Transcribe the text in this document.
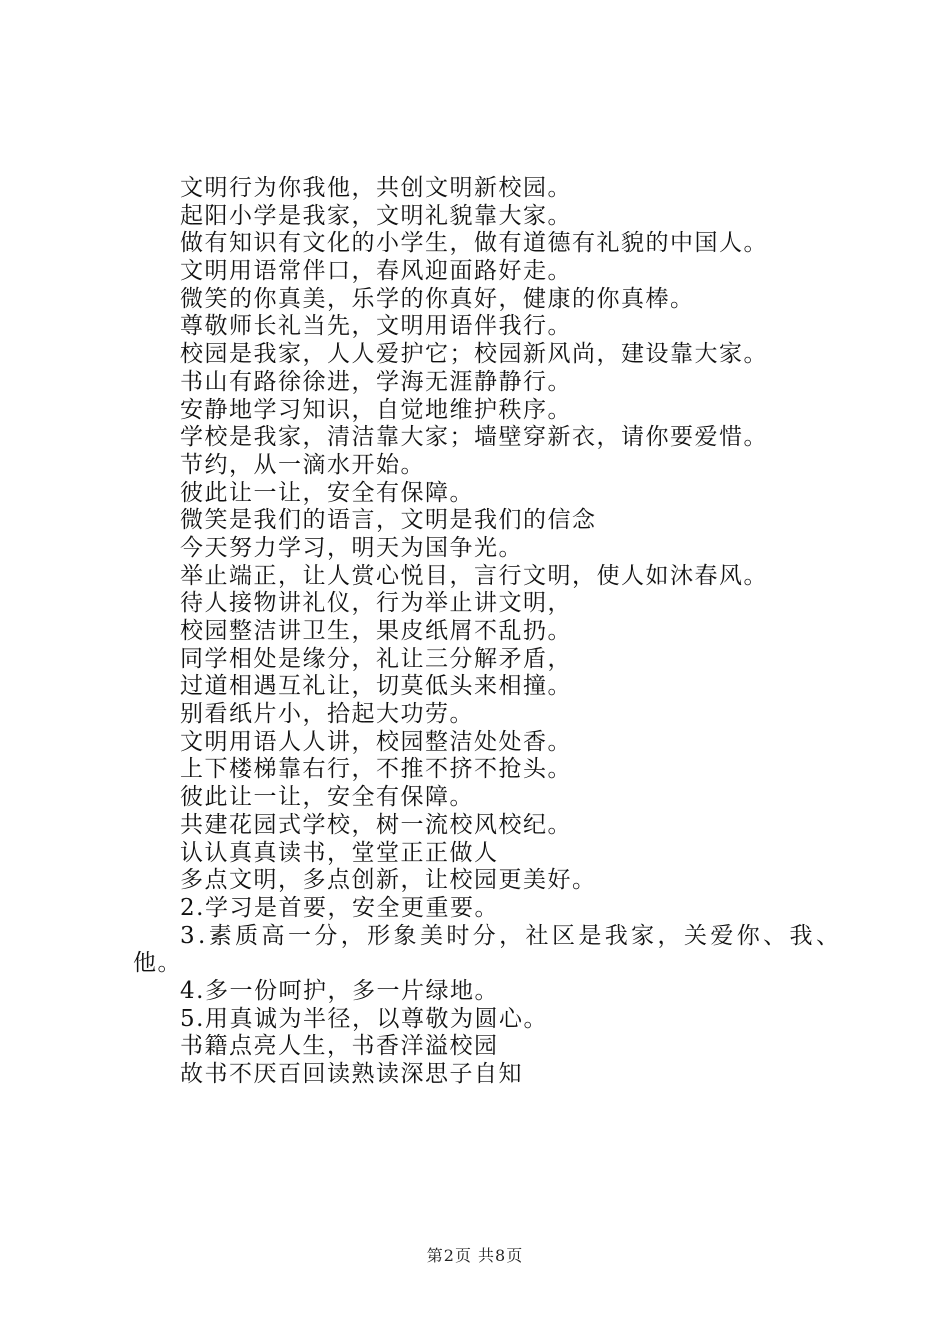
文明行为你我他，共创文明新校园。
起阳小学是我家，文明礼貌靠大家。
做有知识有文化的小学生，做有道德有礼貌的中国人。
文明用语常伴口，春风迎面路好走。
微笑的你真美，乐学的你真好，健康的你真棒。
尊敬师长礼当先，文明用语伴我行。
校园是我家，人人爱护它；校园新风尚，建设靠大家。
书山有路徐徐进，学海无涯静静行。
安静地学习知识，自觉地维护秩序。
学校是我家，清洁靠大家；墙壁穿新衣，请你要爱惜。
节约，从一滴水开始。
彼此让一让，安全有保障。
微笑是我们的语言，文明是我们的信念
今天努力学习，明天为国争光。
举止端正，让人赏心悦目，言行文明，使人如沐春风。
待人接物讲礼仪，行为举止讲文明，
校园整洁讲卫生，果皮纸屑不乱扔。
同学相处是缘分，礼让三分解矛盾，
过道相遇互礼让，切莫低头来相撞。
别看纸片小，拾起大功劳。
文明用语人人讲，校园整洁处处香。
上下楼梯靠右行，不推不挤不抢头。
彼此让一让，安全有保障。
共建花园式学校，树一流校风校纪。
认认真真读书，堂堂正正做人
多点文明，多点创新，让校园更美好。
2.学习是首要，安全更重要。
3.素质高一分，形象美时分，社区是我家，关爱你、我、
他。
4.多一份呵护，多一片绿地。
5.用真诚为半径，以尊敬为圆心。
书籍点亮人生，书香洋溢校园
故书不厌百回读熟读深思子自知
第2页 共8页
